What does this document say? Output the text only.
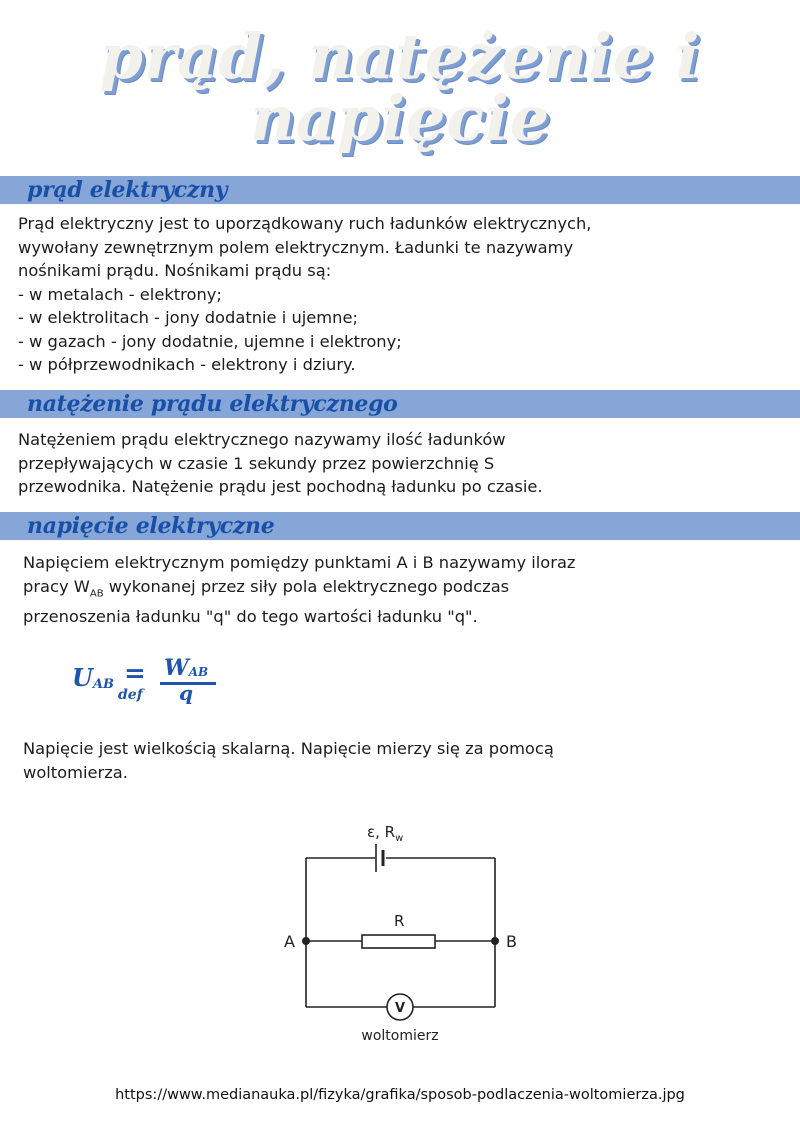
prąd, natężenie i
napięcie
prąd elektryczny

Prąd elektryczny jest to uporządkowany ruch ładunków elektrycznych,

wywołany zewnętrznym polem elektrycznym. Ładunki te nazywamy

nośnikami prądu. Nośnikami prądu są:

- w metalach - elektrony;

- w elektrolitach - jony dodatnie i ujemne;

- w gazach - jony dodatnie, ujemne i elektrony;

- w półprzewodnikach - elektrony i dziury.

natężenie prądu elektrycznego

Natężeniem prądu elektrycznego nazywamy ilość ładunków

przepływających w czasie 1 sekundy przez powierzchnię S

przewodnika. Natężenie prądu jest pochodną ładunku po czasie.

napięcie elektryczne

Napięciem elektrycznym pomiędzy punktami A i B nazywamy iloraz

pracy $W_{AB}$ wykonanej przez siły pola elektrycznego podczas

przenoszenia ładunku "q" do tego wartości ładunku "q".

$U_{AB}$ =
def
$W_{AB}$
q

Napięcie jest wielkością skalarną. Napięcie mierzy się za pomocą

woltomierza.

ε, $R_w$
R
A	B
V
woltomierz
https://www.medianauka.pl/fizyka/grafika/sposob-podlaczenia-woltomierza.jpg
